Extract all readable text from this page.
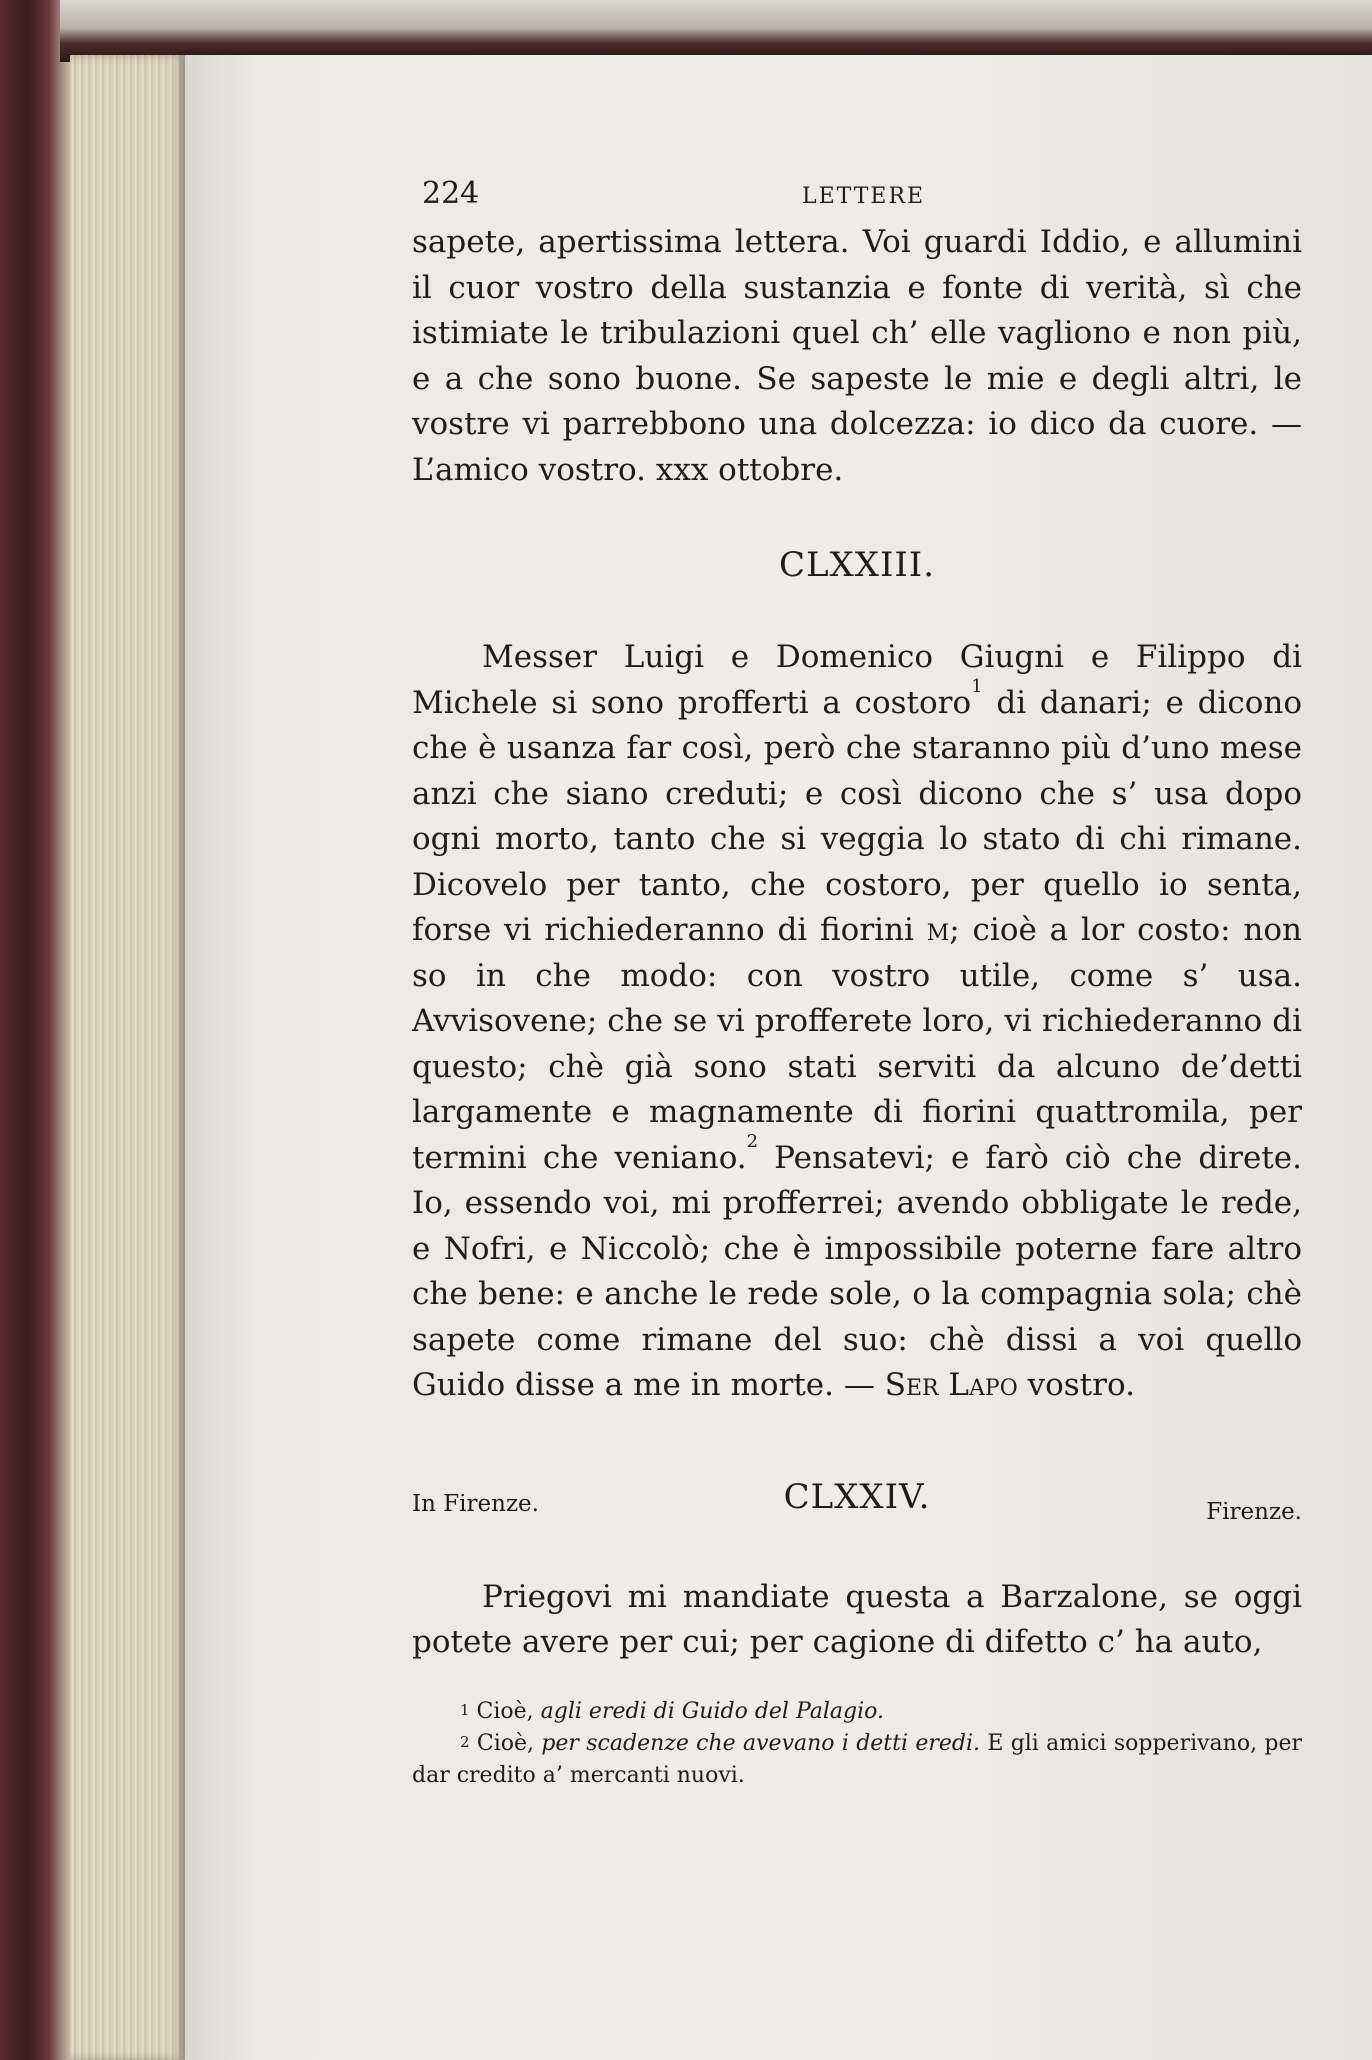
224	LETTERE

sapete, apertissima lettera. Voi guardi Iddio, e allumini il cuor vostro della sustanzia e fonte di verità, sì che istimiate le tribulazioni quel ch’ elle vagliono e non più, e a che sono buone. Se sapeste le mie e degli altri, le vostre vi parrebbono una dolcezza: io dico da cuore. — L’amico vostro. xxx ottobre.

CLXXIII.

Messer Luigi e Domenico Giugni e Filippo di Michele si sono profferti a costoro$^1$ di danari; e dicono che è usanza far così, però che staranno più d’uno mese anzi che siano creduti; e così dicono che s’ usa dopo ogni morto, tanto che si veggia lo stato di chi rimane. Dicovelo per tanto, che costoro, per quello io senta, forse vi richiederanno di fiorini m; cioè a lor costo: non so in che modo: con vostro utile, come s’ usa. Avvisovene; che se vi profferete loro, vi richiederanno di questo; chè già sono stati serviti da alcuno de’detti largamente e magnamente di fiorini quattromila, per termini che veniano.$^2$ Pensatevi; e farò ciò che direte. Io, essendo voi, mi profferrei; avendo obbligate le rede, e Nofri, e Niccolò; che è impossibile poterne fare altro che bene: e anche le rede sole, o la compagnia sola; chè sapete come rimane del suo: chè dissi a voi quello Guido disse a me in morte. — Ser Lapo vostro.

In Firenze.	CLXXIV.	Firenze.

Priegovi mi mandiate questa a Barzalone, se oggi potete avere per cui; per cagione di difetto c’ ha auto,

$^1$ Cioè, agli eredi di Guido del Palagio.

$^2$ Cioè, per scadenze che avevano i detti eredi. E gli amici sopperivano, per dar credito a’ mercanti nuovi.
